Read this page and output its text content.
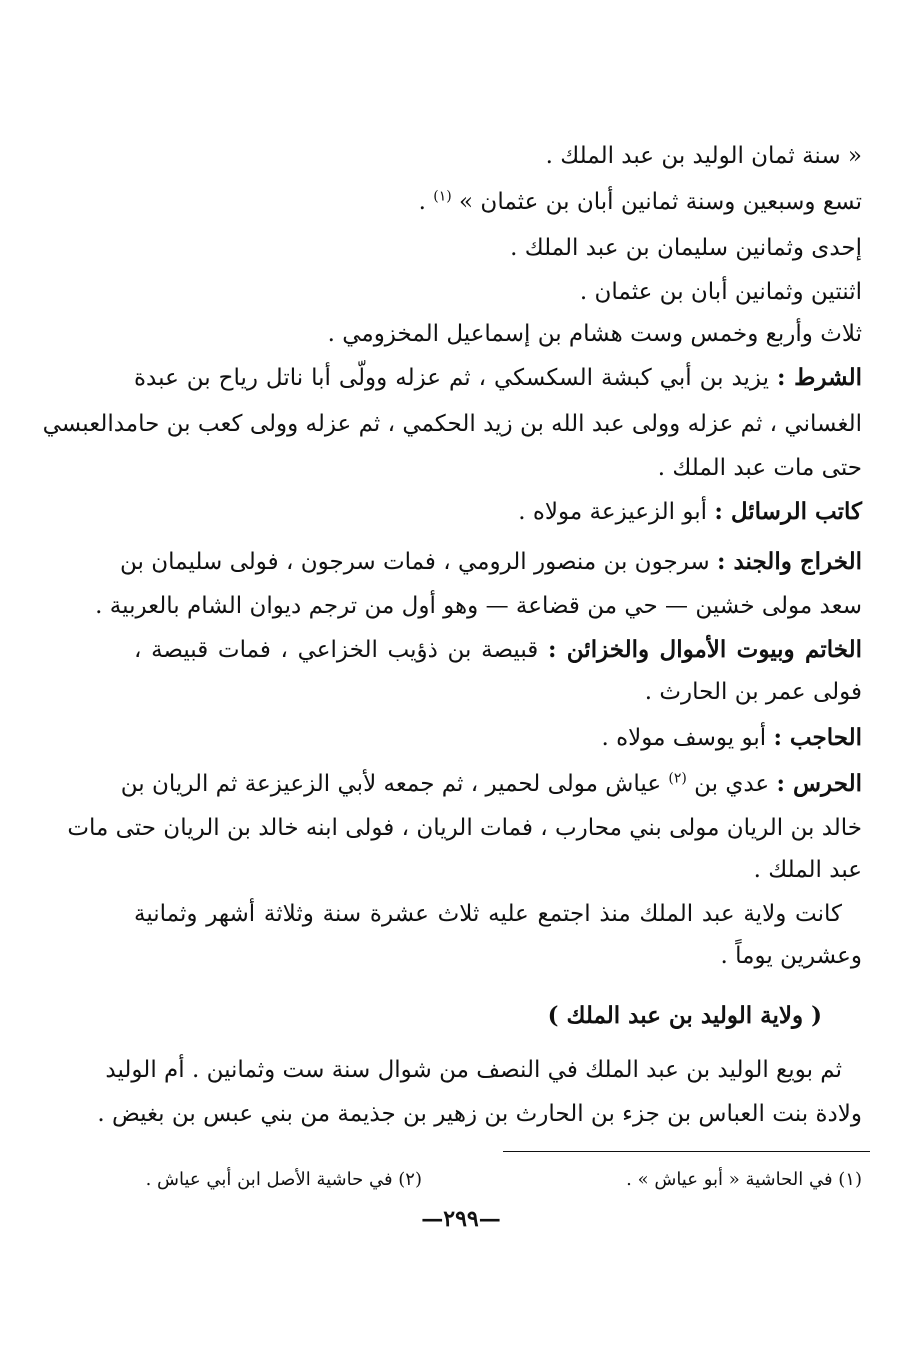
« سنة ثمان الوليد بن عبد الملك .
تسع وسبعين وسنة ثمانين أبان بن عثمان » $^{(١)}$ .
إحدى وثمانين سليمان بن عبد الملك .
اثنتين وثمانين أبان بن عثمان .
ثلاث وأربع وخمس وست هشام بن إسماعيل المخزومي .
الشرط : يزيد بن أبي كبشة السكسكي ، ثم عزله وولّى أبا ناتل رياح بن عبدة
الغساني ، ثم عزله وولى عبد الله بن زيد الحكمي ، ثم عزله وولى كعب بن حامدالعبسي
حتى مات عبد الملك .
كاتب الرسائل : أبو الزعيزعة مولاه .
الخراج والجند : سرجون بن منصور الرومي ، فمات سرجون ، فولى سليمان بن
سعد مولى خشين — حي من قضاعة — وهو أول من ترجم ديوان الشام بالعربية .
الخاتم وبيوت الأموال والخزائن : قبيصة بن ذؤيب الخزاعي ، فمات قبيصة ،
فولى عمر بن الحارث .
الحاجب : أبو يوسف مولاه .
الحرس : عدي بن $^{(٢)}$ عياش مولى لحمير ، ثم جمعه لأبي الزعيزعة ثم الريان بن
خالد بن الريان مولى بني محارب ، فمات الريان ، فولى ابنه خالد بن الريان حتى مات
عبد الملك .
كانت ولاية عبد الملك منذ اجتمع عليه ثلاث عشرة سنة وثلاثة أشهر وثمانية
وعشرين يوماً .
( ولاية الوليد بن عبد الملك )
ثم بويع الوليد بن عبد الملك في النصف من شوال سنة ست وثمانين . أم الوليد
ولادة بنت العباس بن جزء بن الحارث بن زهير بن جذيمة من بني عبس بن بغيض .
(١) في الحاشية « أبو عياش » .
(٢) في حاشية الأصل ابن أبي عياش .
—٢٩٩—
